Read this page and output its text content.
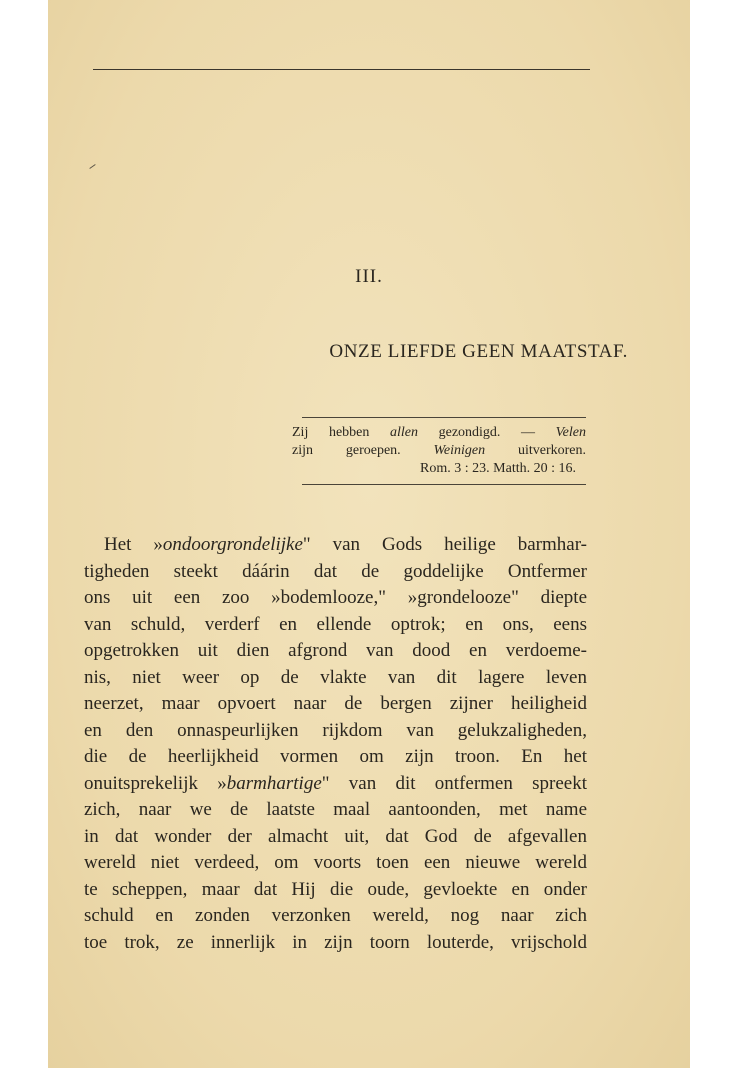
III.
ONZE LIEFDE GEEN MAATSTAF.
Zij hebben allen gezondigd. — Velen
zijn geroepen. Weinigen uitverkoren.
Rom. 3 : 23. Matth. 20 : 16.
Het »ondoorgrondelijke" van Gods heilige barmhar-
tigheden steekt dáárin dat de goddelijke Ontfermer
ons uit een zoo »bodemlooze," »grondelooze" diepte
van schuld, verderf en ellende optrok; en ons, eens
opgetrokken uit dien afgrond van dood en verdoeme-
nis, niet weer op de vlakte van dit lagere leven
neerzet, maar opvoert naar de bergen zijner heiligheid
en den onnaspeurlijken rijkdom van gelukzaligheden,
die de heerlijkheid vormen om zijn troon. En het
onuitsprekelijk »barmhartige" van dit ontfermen spreekt
zich, naar we de laatste maal aantoonden, met name
in dat wonder der almacht uit, dat God de afgevallen
wereld niet verdeed, om voorts toen een nieuwe wereld
te scheppen, maar dat Hij die oude, gevloekte en onder
schuld en zonden verzonken wereld, nog naar zich
toe trok, ze innerlijk in zijn toorn louterde, vrijschold
